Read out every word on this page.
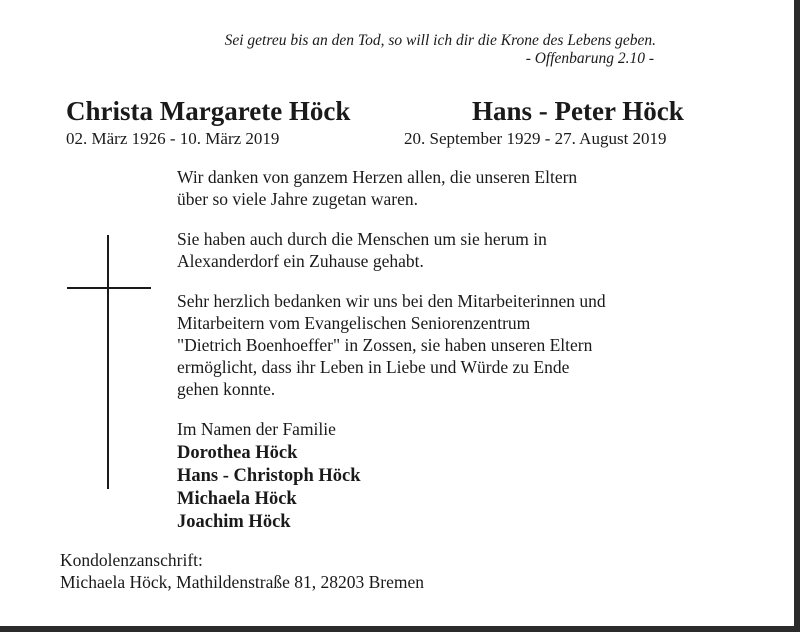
Sei getreu bis an den Tod, so will ich dir die Krone des Lebens geben.
- Offenbarung 2.10 -
Christa Margarete Höck	Hans - Peter Höck
02. März 1926 - 10. März 2019	20. September 1929 - 27. August 2019

Wir danken von ganzem Herzen allen, die unseren Eltern
über so viele Jahre zugetan waren.

Sie haben auch durch die Menschen um sie herum in
Alexanderdorf ein Zuhause gehabt.

Sehr herzlich bedanken wir uns bei den Mitarbeiterinnen und
Mitarbeitern vom Evangelischen Seniorenzentrum
"Dietrich Boenhoeffer" in Zossen, sie haben unseren Eltern
ermöglicht, dass ihr Leben in Liebe und Würde zu Ende
gehen konnte.

Im Namen der Familie
Dorothea Höck
Hans - Christoph Höck
Michaela Höck
Joachim Höck
Kondolenzanschrift:
Michaela Höck, Mathildenstraße 81, 28203 Bremen
